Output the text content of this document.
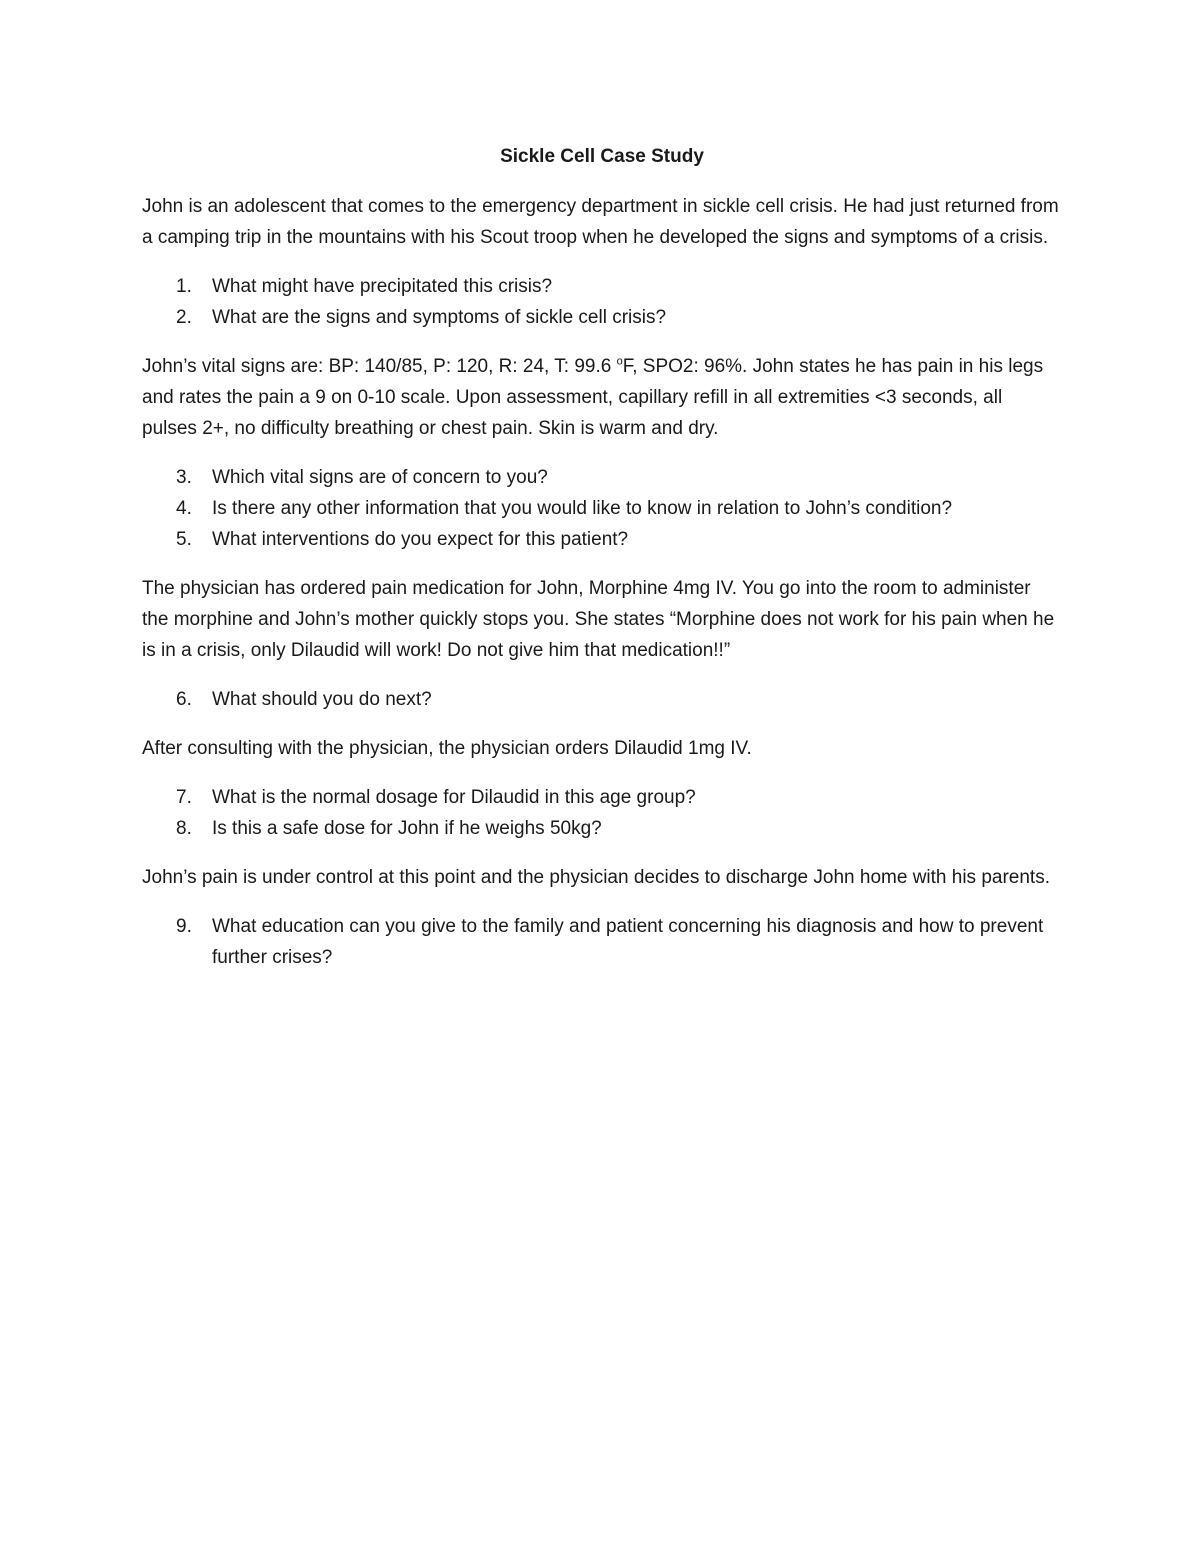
Sickle Cell Case Study

John is an adolescent that comes to the emergency department in sickle cell crisis. He had just returned from a camping trip in the mountains with his Scout troop when he developed the signs and symptoms of a crisis.

1. What might have precipitated this crisis?
2. What are the signs and symptoms of sickle cell crisis?

John’s vital signs are: BP: 140/85, P: 120, R: 24, T: 99.6 $^o$F, SPO2: 96%. John states he has pain in his legs and rates the pain a 9 on 0-10 scale. Upon assessment, capillary refill in all extremities <3 seconds, all pulses 2+, no difficulty breathing or chest pain. Skin is warm and dry.

3. Which vital signs are of concern to you?
4. Is there any other information that you would like to know in relation to John’s condition?
5. What interventions do you expect for this patient?

The physician has ordered pain medication for John, Morphine 4mg IV. You go into the room to administer the morphine and John’s mother quickly stops you. She states “Morphine does not work for his pain when he is in a crisis, only Dilaudid will work! Do not give him that medication!!”

6. What should you do next?

After consulting with the physician, the physician orders Dilaudid 1mg IV.

7. What is the normal dosage for Dilaudid in this age group?
8. Is this a safe dose for John if he weighs 50kg?

John’s pain is under control at this point and the physician decides to discharge John home with his parents.

9. What education can you give to the family and patient concerning his diagnosis and how to prevent further crises?
